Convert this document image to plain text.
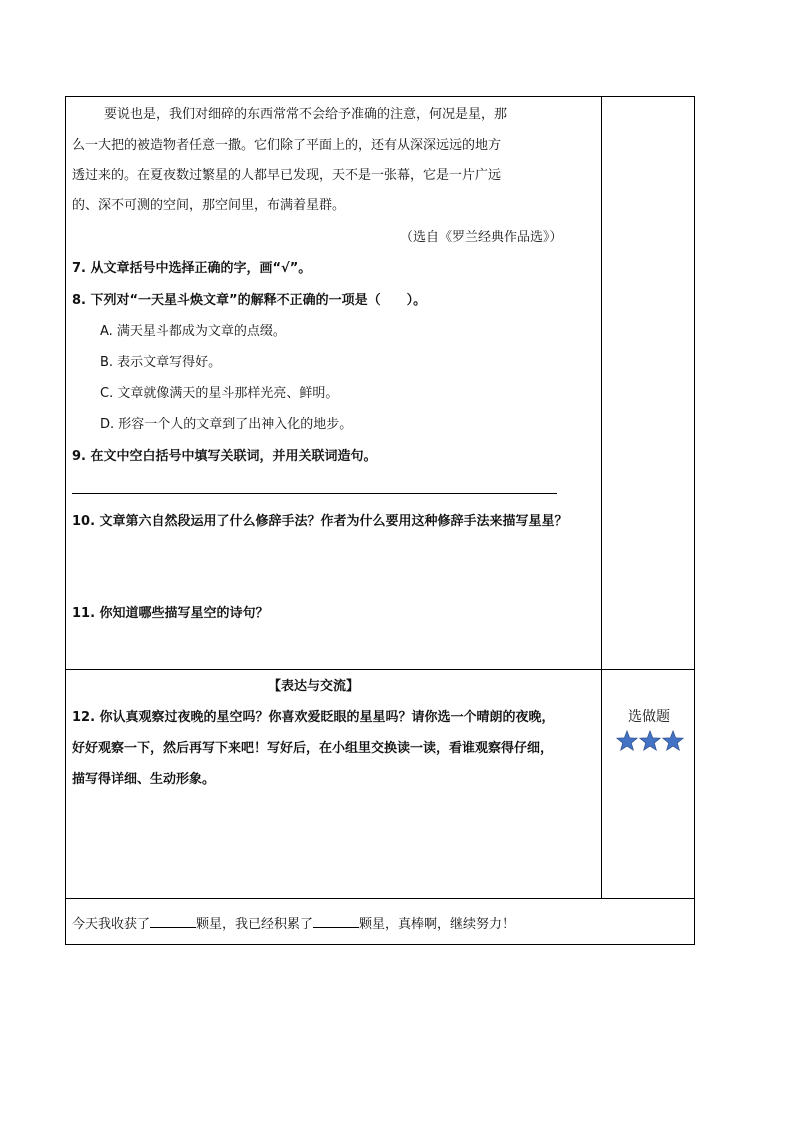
要说也是，我们对细碎的东西常常不会给予准确的注意，何况是星，那
么一大把的被造物者任意一撒。它们除了平面上的，还有从深深远远的地方
透过来的。在夏夜数过繁星的人都早已发现，天不是一张幕，它是一片广远
的、深不可测的空间，那空间里，布满着星群。
（选自《罗兰经典作品选》）
7. 从文章括号中选择正确的字，画“√”。
8. 下列对“一天星斗焕文章”的解释不正确的一项是（　　）。
A. 满天星斗都成为文章的点缀。
B. 表示文章写得好。
C. 文章就像满天的星斗那样光亮、鲜明。
D. 形容一个人的文章到了出神入化的地步。
9. 在文中空白括号中填写关联词，并用关联词造句。
10. 文章第六自然段运用了什么修辞手法？作者为什么要用这种修辞手法来描写星星？
11. 你知道哪些描写星空的诗句？
【表达与交流】
12. 你认真观察过夜晚的星空吗？你喜欢爱眨眼的星星吗？请你选一个晴朗的夜晚，
好好观察一下，然后再写下来吧！写好后，在小组里交换读一读，看谁观察得仔细，
描写得详细、生动形象。
选做题
今天我收获了	颗星，我已经积累了	颗星，真棒啊，继续努力！
